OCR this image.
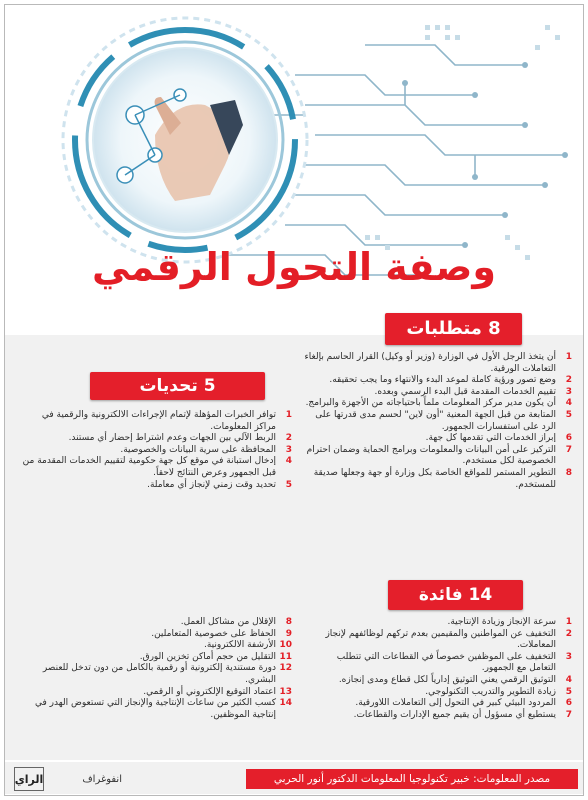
وصفة التحول الرقمي
8 متطلبات
5 تحديات
14 فائدة
1
أن يتخذ الرجل الأول في الوزارة (وزير أو وكيل) القرار الحاسم بإلغاء التعاملات الورقية.
2
وضع تصور ورؤية كاملة لموعد البدء والانتهاء وما يجب تحقيقه.
3
تقييم الخدمات المقدمة قبل البدء الرسمي وبعده.
4
أن يكون مدير مركز المعلومات ملماً باحتياجاته من الأجهزة والبرامج.
5
المتابعة من قبل الجهة المعنية "أون لاين" لحسم مدى قدرتها على الرد على استفسارات الجمهور.
6
إبراز الخدمات التي تقدمها كل جهة.
7
التركيز على أمن البيانات والمعلومات وبرامج الحماية وضمان احترام الخصوصية لكل مستخدم.
8
التطوير المستمر للمواقع الخاصة بكل وزارة أو جهة وجعلها صديقة للمستخدم.
1
توافر الخبرات المؤهلة لإتمام الإجراءات الالكترونية والرقمية في مراكز المعلومات.
2
الربط الآلي بين الجهات وعدم اشتراط إحضار أي مستند.
3
المحافظة على سرية البيانات والخصوصية.
4
إدخال استبانة في موقع كل جهة حكومية لتقييم الخدمات المقدمة من قبل الجمهور وعرض النتائج لاحقاً.
5
تحديد وقت زمني لإنجاز أي معاملة.
1
سرعة الإنجاز وزيادة الإنتاجية.
2
التخفيف عن المواطنين والمقيمين بعدم تركهم لوظائفهم لإنجاز المعاملات.
3
التخفيف على الموظفين خصوصاً في القطاعات التي تتطلب التعامل مع الجمهور.
4
التوثيق الرقمي يعني التوثيق إدارياً لكل قطاع ومدى إنجازه.
5
زيادة التطوير والتدريب التكنولوجي.
6
المردود البيئي كبير في التحول إلى التعاملات اللاورقية.
7
يستطيع أي مسؤول أن يقيم جميع الإدارات والقطاعات.
8
الإقلال من مشاكل العمل.
9
الحفاظ على خصوصية المتعاملين.
10
الأرشفة الالكترونية.
11
التقليل من حجم أماكن تخزين الورق.
12
دورة مستندية إلكترونية أو رقمية بالكامل من دون تدخل للعنصر البشري.
13
اعتماد التوقيع الإلكتروني أو الرقمي.
14
كسب الكثير من ساعات الإنتاجية والإنجاز التي تستعوض الهدر في إنتاجية الموظفين.
مصدر المعلومات: خبير تكنولوجيا المعلومات الدكتور أنور الحربي
الراي	انفوغراف
